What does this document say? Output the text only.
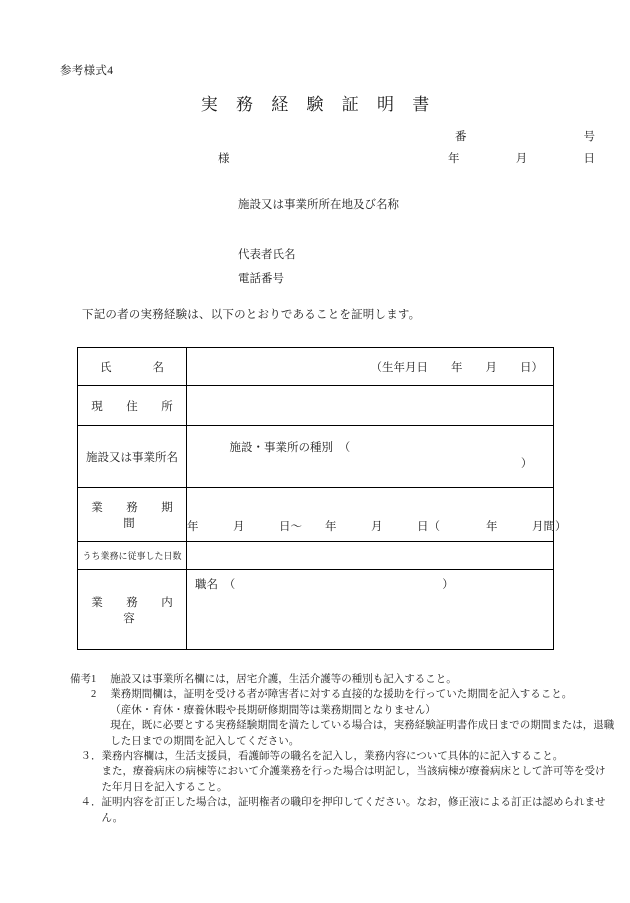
参考様式4
実 務 経 験 証 明 書
番	号
年	月	日
様
施設又は事業所所在地及び名称
代表者氏名
電話番号
下記の者の実務経験は、以下のとおりであることを証明します。
氏　　名	（生年月日　　年　　月　　日）

現　住　所	
施設又は事業所名	施設・事業所の種別　（

）

業　務　期　間	年　　　月　　　日～　　年　　　月　　　日（　　　　年　　　月間）

うち業務に従事した日数	
業　務　内　容	職名　（　　　　　　　　　　　　　　　　　　）
備考1 施設又は事業所名欄には，居宅介護，生活介護等の種別も記入すること。
　　2 業務期間欄は，証明を受ける者が障害者に対する直接的な援助を行っていた期間を記入すること。
（産休・育休・療養休暇や長期研修期間等は業務期間となりません）
現在，既に必要とする実務経験期間を満たしている場合は，実務経験証明書作成日までの期間または，退職した日までの期間を記入してください。
　３． 業務内容欄は，生活支援員，看護師等の職名を記入し，業務内容について具体的に記入すること。
また，療養病床の病棟等において介護業務を行った場合は明記し，当該病棟が療養病床として許可等を受けた年月日を記入すること。
　４． 証明内容を訂正した場合は，証明権者の職印を押印してください。なお，修正液による訂正は認められません。
